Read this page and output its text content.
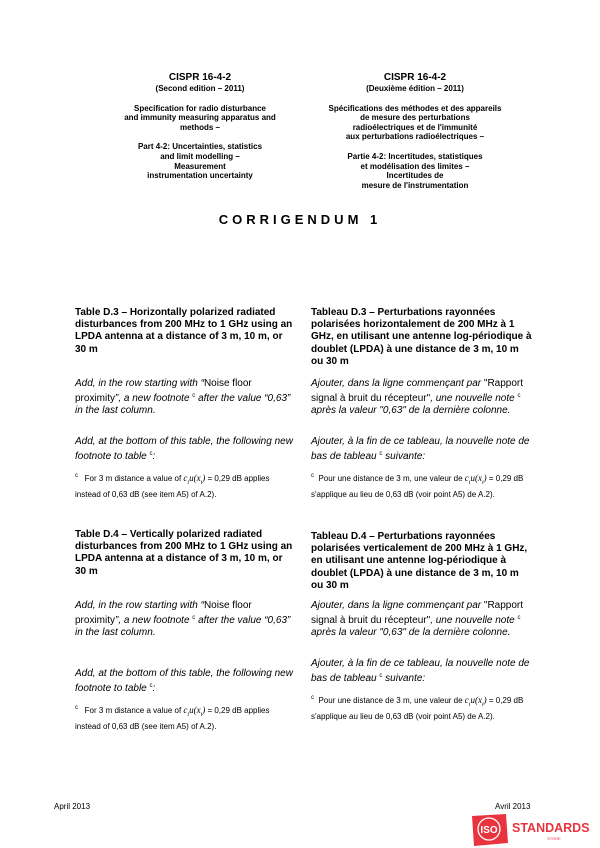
CISPR 16-4-2

(Second edition – 2011)

Specification for radio disturbance

and immunity measuring apparatus and

methods –

Part 4-2: Uncertainties, statistics

and limit modelling –

Measurement

instrumentation uncertainty

CISPR 16-4-2

(Deuxième édition – 2011)

Spécifications des méthodes et des appareils

de mesure des perturbations

radioélectriques et de l'immunité

aux perturbations radioélectriques –

Partie 4-2: Incertitudes, statistiques

et modélisation des limites –

Incertitudes de

mesure de l'instrumentation

CORRIGENDUM 1

Table D.3 – Horizontally polarized radiated disturbances from 200 MHz to 1 GHz using an LPDA antenna at a distance of 3 m, 10 m, or 30 m

Add, in the row starting with “Noise floor proximity”, a new footnote $^c$ after the value “0,63” in the last column.

Add, at the bottom of this table, the following new footnote to table $^c$:

$^c$ For 3 m distance a value of $c_iu(x_i) = 0,29$ dB applies instead of 0,63 dB (see item A5) of A.2).

Table D.4 – Vertically polarized radiated disturbances from 200 MHz to 1 GHz using an LPDA antenna at a distance of 3 m, 10 m, or 30 m

Add, in the row starting with “Noise floor proximity”, a new footnote $^c$ after the value “0,63” in the last column.

Add, at the bottom of this table, the following new footnote to table $^c$:

$^c$ For 3 m distance a value of $c_iu(x_i) = 0,29$ dB applies instead of 0,63 dB (see item A5) of A.2).

Tableau D.3 – Perturbations rayonnées polarisées horizontalement de 200 MHz à 1 GHz, en utilisant une antenne log-périodique à doublet (LPDA) à une distance de 3 m, 10 m ou 30 m

Ajouter, dans la ligne commençant par "Rapport signal à bruit du récepteur", une nouvelle note $^c$ après la valeur "0,63" de la dernière colonne.

Ajouter, à la fin de ce tableau, la nouvelle note de bas de tableau $^c$ suivante:

$^c$ Pour une distance de 3 m, une valeur de $c_iu(x_i) = 0,29$ dB s'applique au lieu de 0,63 dB (voir point A5) de A.2).

Tableau D.4 – Perturbations rayonnées polarisées verticalement de 200 MHz à 1 GHz, en utilisant une antenne log-périodique à doublet (LPDA) à une distance de 3 m, 10 m ou 30 m

Ajouter, dans la ligne commençant par "Rapport signal à bruit du récepteur", une nouvelle note $^c$ après la valeur "0,63" de la dernière colonne.

Ajouter, à la fin de ce tableau, la nouvelle note de bas de tableau $^c$ suivante:

$^c$ Pour une distance de 3 m, une valeur de $c_iu(x_i) = 0,29$ dB s'applique au lieu de 0,63 dB (voir point A5) de A.2).

April 2013	Avril 2013
ISO STANDARDS
STORE
